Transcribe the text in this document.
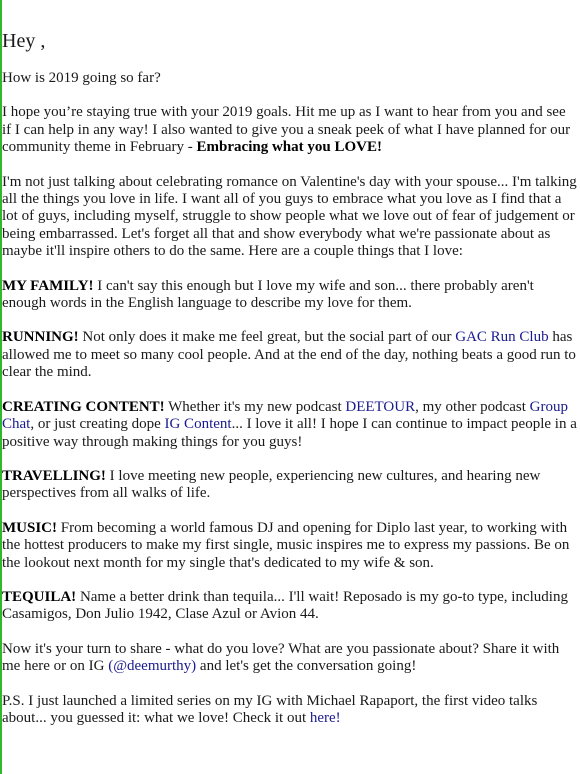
Hey ,

How is 2019 going so far?

I hope you’re staying true with your 2019 goals. Hit me up as I want to hear from you and see if I can help in any way! I also wanted to give you a sneak peek of what I have planned for our community theme in February - Embracing what you LOVE!

I'm not just talking about celebrating romance on Valentine's day with your spouse... I'm talking all the things you love in life. I want all of you guys to embrace what you love as I find that a lot of guys, including myself, struggle to show people what we love out of fear of judgement or being embarrassed. Let's forget all that and show everybody what we're passionate about as maybe it'll inspire others to do the same. Here are a couple things that I love:

MY FAMILY! I can't say this enough but I love my wife and son... there probably aren't enough words in the English language to describe my love for them.

RUNNING! Not only does it make me feel great, but the social part of our GAC Run Club has allowed me to meet so many cool people. And at the end of the day, nothing beats a good run to clear the mind.

CREATING CONTENT! Whether it's my new podcast DEETOUR, my other podcast Group Chat, or just creating dope IG Content... I love it all! I hope I can continue to impact people in a positive way through making things for you guys!

TRAVELLING! I love meeting new people, experiencing new cultures, and hearing new perspectives from all walks of life.

MUSIC! From becoming a world famous DJ and opening for Diplo last year, to working with the hottest producers to make my first single, music inspires me to express my passions. Be on the lookout next month for my single that's dedicated to my wife & son.

TEQUILA! Name a better drink than tequila... I'll wait! Reposado is my go-to type, including Casamigos, Don Julio 1942, Clase Azul or Avion 44.

Now it's your turn to share - what do you love? What are you passionate about? Share it with me here or on IG (@deemurthy) and let's get the conversation going!

P.S. I just launched a limited series on my IG with Michael Rapaport, the first video talks about... you guessed it: what we love! Check it out here!
